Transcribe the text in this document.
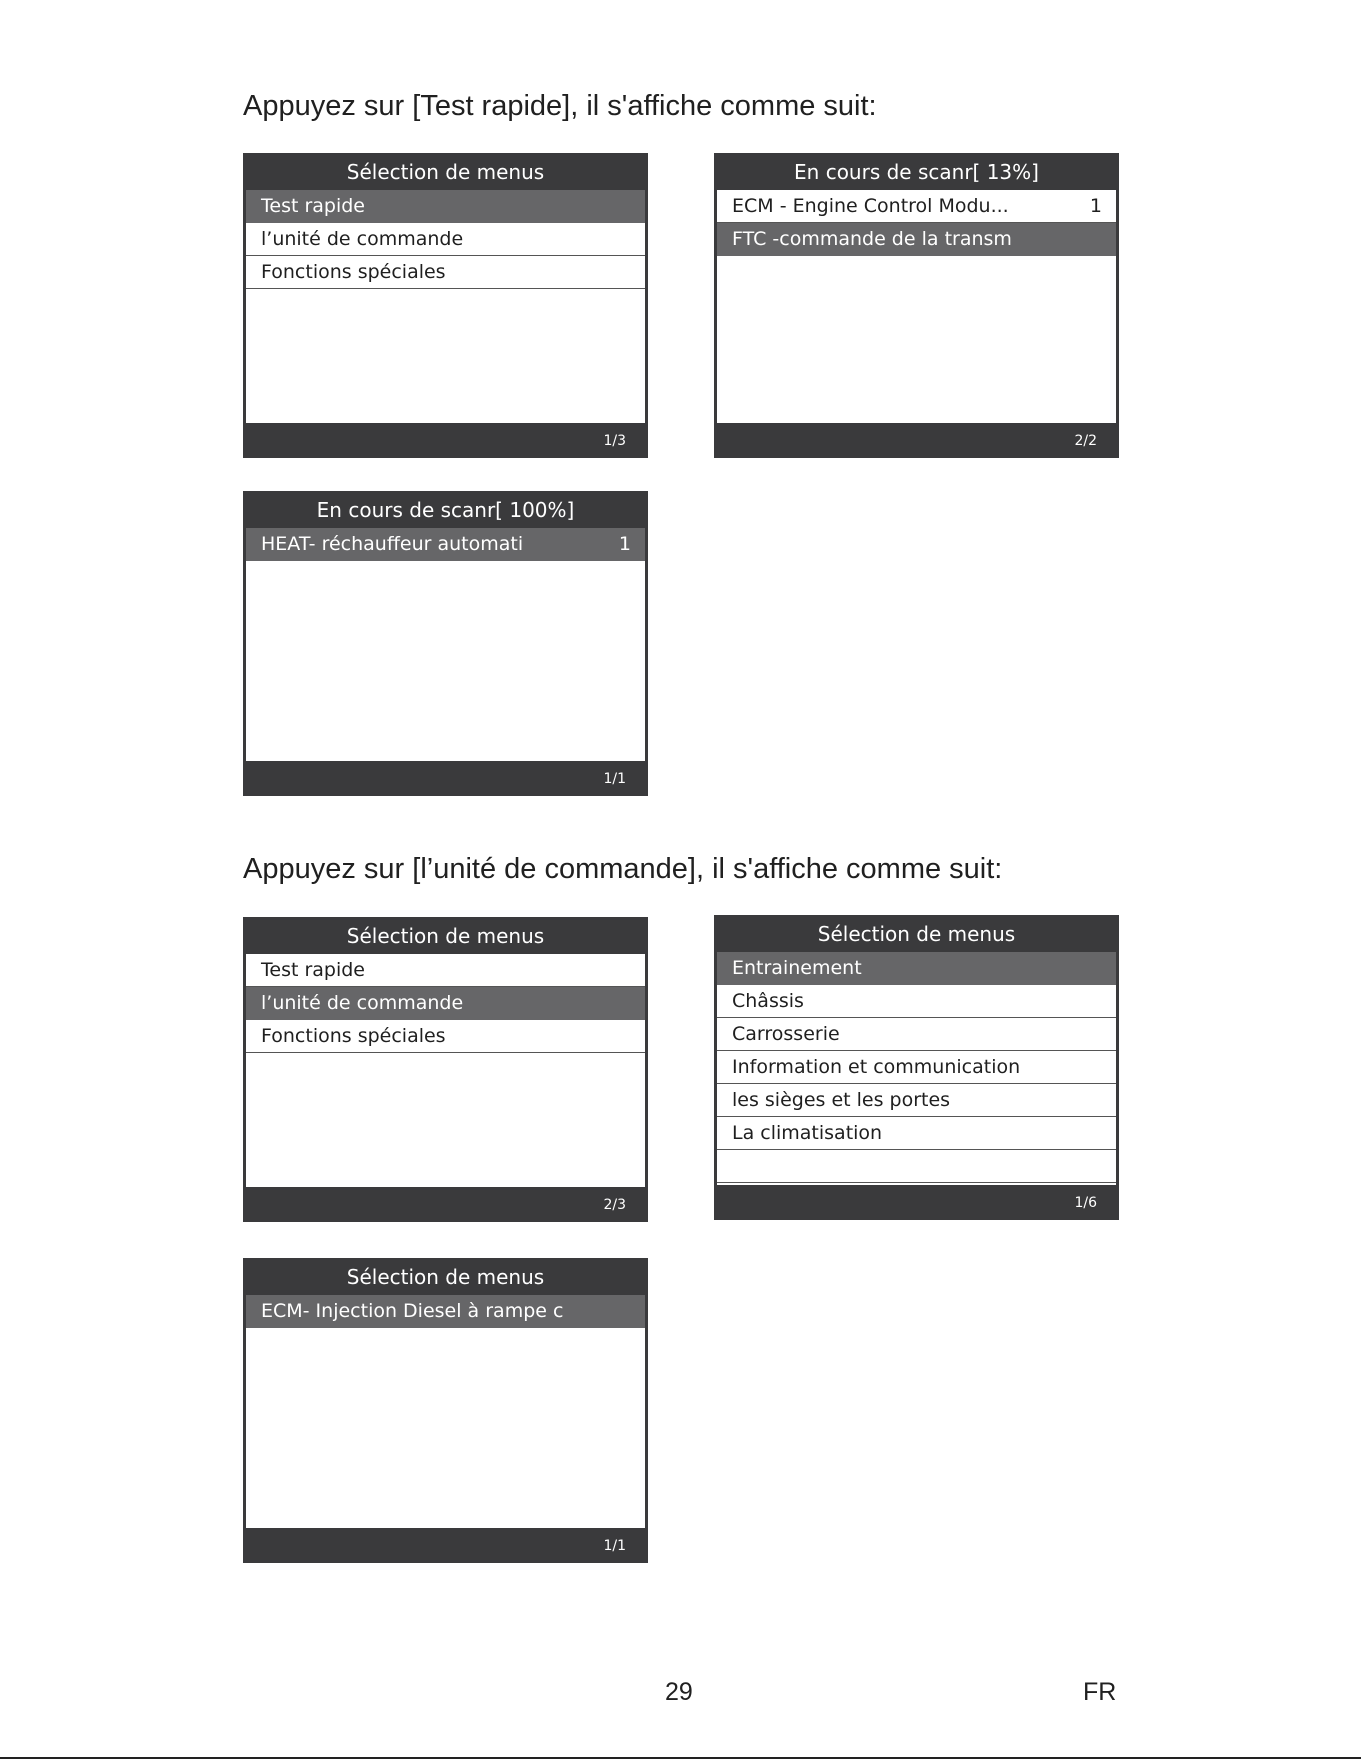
Appuyez sur [Test rapide], il s'affiche comme suit:
Sélection de menus
Test rapide
l’unité de commande
Fonctions spéciales
1/3
En cours de scanr[ 13%]
ECM - Engine Control Modu...	1
FTC -commande de la transm
2/2
En cours de scanr[ 100%]
HEAT- réchauffeur automati	1
1/1
Appuyez sur [l’unité de commande], il s'affiche comme suit:
Sélection de menus
Test rapide
l’unité de commande
Fonctions spéciales
2/3
Sélection de menus
Entrainement
Châssis
Carrosserie
Information et communication
les sièges et les portes
La climatisation
1/6
Sélection de menus
ECM- Injection Diesel à rampe c
1/1
29	FR
